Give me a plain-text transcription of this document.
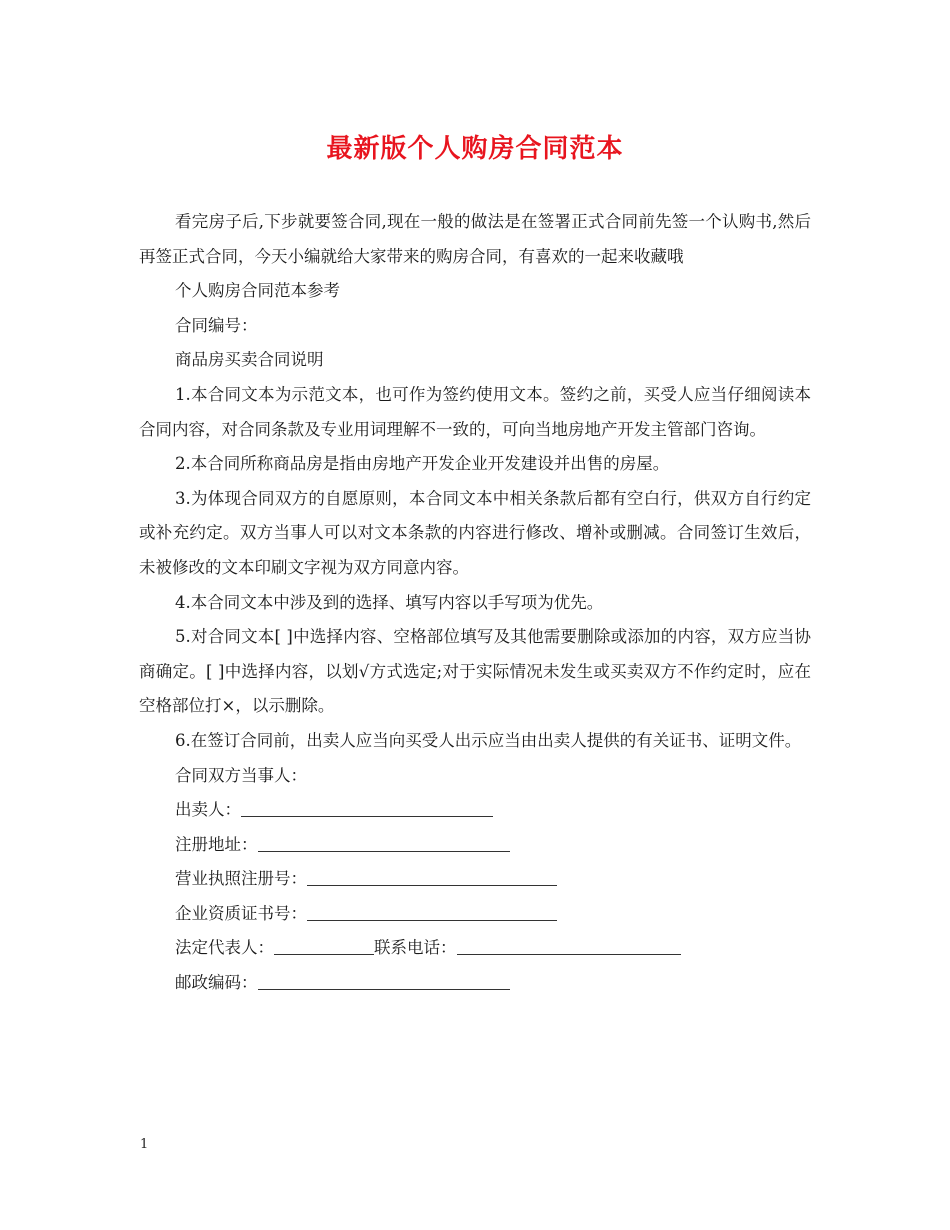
最新版个人购房合同范本

看完房子后,下步就要签合同,现在一般的做法是在签署正式合同前先签一个认购书,然后再签正式合同，今天小编就给大家带来的购房合同，有喜欢的一起来收藏哦

个人购房合同范本参考

合同编号：

商品房买卖合同说明

1.本合同文本为示范文本，也可作为签约使用文本。签约之前，买受人应当仔细阅读本合同内容，对合同条款及专业用词理解不一致的，可向当地房地产开发主管部门咨询。

2.本合同所称商品房是指由房地产开发企业开发建设并出售的房屋。

3.为体现合同双方的自愿原则，本合同文本中相关条款后都有空白行，供双方自行约定或补充约定。双方当事人可以对文本条款的内容进行修改、增补或删减。合同签订生效后，未被修改的文本印刷文字视为双方同意内容。

4.本合同文本中涉及到的选择、填写内容以手写项为优先。

5.对合同文本[ ]中选择内容、空格部位填写及其他需要删除或添加的内容，双方应当协商确定。[ ]中选择内容，以划√方式选定;对于实际情况未发生或买卖双方不作约定时，应在空格部位打×，以示删除。

6.在签订合同前，出卖人应当向买受人出示应当由出卖人提供的有关证书、证明文件。

合同双方当事人：

出卖人：

注册地址：

营业执照注册号：

企业资质证书号：

法定代表人：	联系电话：

邮政编码：

1
